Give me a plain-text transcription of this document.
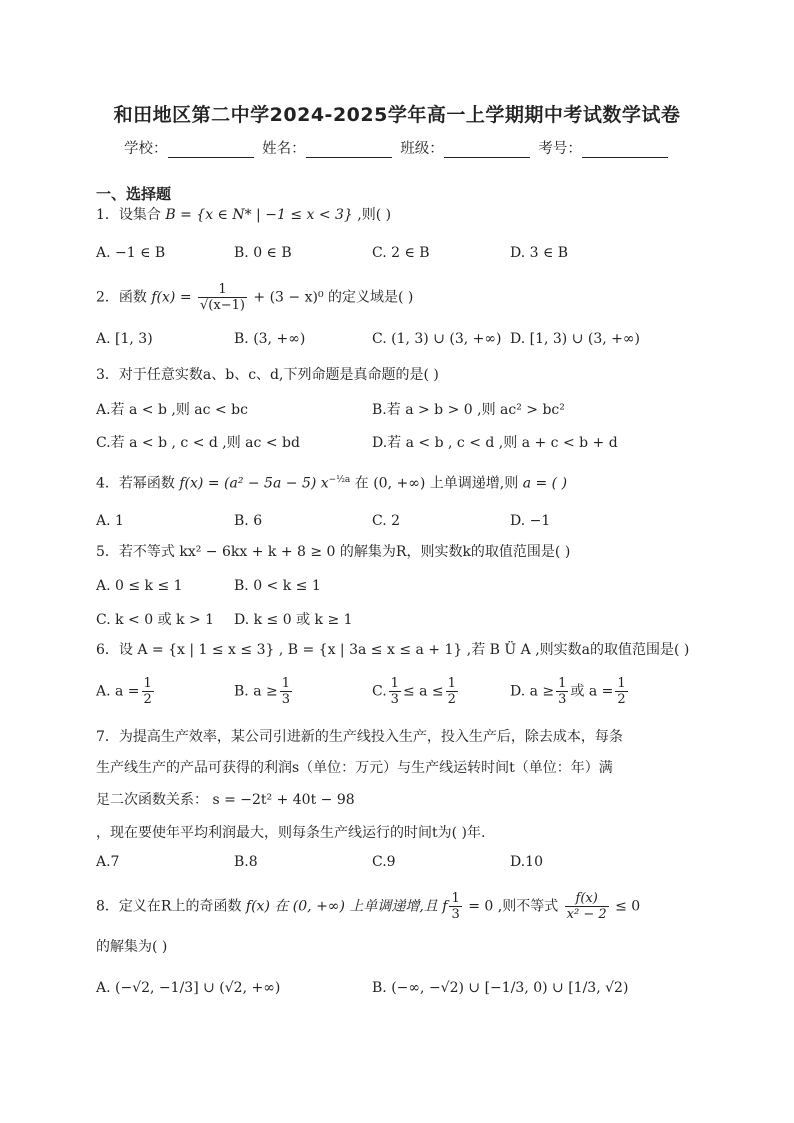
和田地区第二中学2024-2025学年高一上学期期中考试数学试卷
学校：	姓名：	班级：	考号：
一、选择题
1．设集合 B = {x ∈ N* | −1 ≤ x < 3} ,则( )
A. −1 ∈ B	B. 0 ∈ B	C. 2 ∈ B	D. 3 ∈ B
2．函数 $f(x) = \frac{1}{√(x-1)} + (3 - x)^0$ 的定义域是( )
A. [1, 3)	B. (3, +∞)	C. (1, 3) ∪ (3, +∞) D. [1, 3) ∪ (3, +∞)
3．对于任意实数a、b、c、d,下列命题是真命题的是( )
A.若 a < b ,则 ac < bc	B.若 a > b > 0 ,则 ac² > bc²
C.若 a < b , c < d ,则 ac < bd	D.若 a < b , c < d ,则 a + c < b + d
4．若幂函数 f(x) = (a² − 5a − 5) $x^{-\frac{1}{2}a}$ 在 (0, +∞) 上单调递增,则 a = ( )
A. 1	B. 6	C. 2	D. −1
5．若不等式 kx² − 6kx + k + 8 ≥ 0 的解集为R，则实数k的取值范围是( )
A. 0 ≤ k ≤ 1	B. 0 < k ≤ 1
C. k < 0 或 k > 1 D. k ≤ 0 或 k ≥ 1
6．设 A = {x | 1 ≤ x ≤ 3} , B = {x | 3a ≤ x ≤ a + 1} ,若 B Ü A ,则实数a的取值范围是( )
A. $a = \frac{1}{2}$	B. $a \ge \frac{1}{3}$	C. $\frac{1}{3} \le a \le \frac{1}{2}$	D. $a \ge \frac{1}{3}$ 或 $a = \frac{1}{2}$
7．为提高生产效率，某公司引进新的生产线投入生产，投入生产后，除去成本，每条
生产线生产的产品可获得的利润s（单位：万元）与生产线运转时间t（单位：年）满
足二次函数关系： s = −2t² + 40t − 98
，现在要使年平均利润最大，则每条生产线运行的时间t为( )年.
A.7	B.8	C.9	D.10
8．定义在R上的奇函数 f(x) 在 (0, +∞) 上单调递增,且 f $\frac{1}{3} = 0$ ,则不等式 $\frac{f(x)}{\text{x² − 2}} \le 0$
的解集为( )
A. (−√2, −1/3] ∪ (√2, +∞)	B. (−∞, −√2) ∪ [−1/3, 0) ∪ [1/3, √2)
